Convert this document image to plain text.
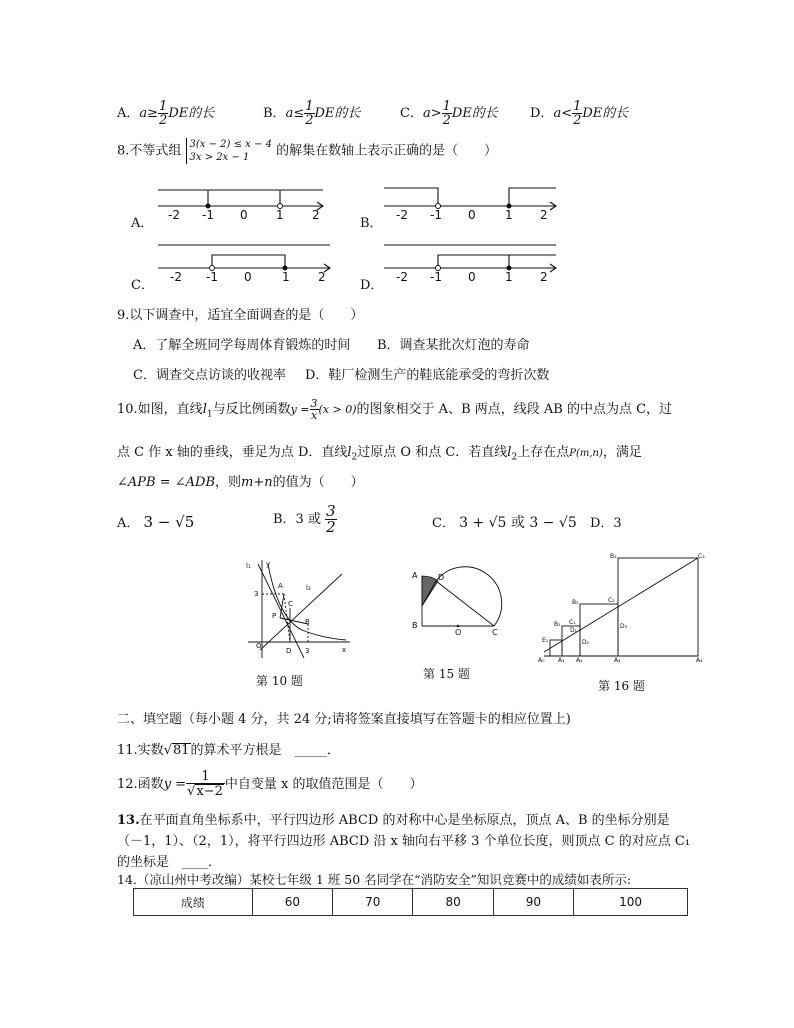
A．$a\ge \frac{1}{2}$ DE的长	B．$a\le \frac{1}{2}$ DE的长	C．$a> \frac{1}{2}$ DE的长 D．$a< \frac{1}{2}$ DE的长
8.不等式组 3(x − 2) ≤ x − 4
3x > 2x − 1	的解集在数轴上表示正确的是（　　）
A．	B．
C．	D．
-2 -1 0 1 2	-2 -1 0 1 2
-2 -1 0	1 2	-2 -1 0 1 2
9.以下调查中，适宜全面调查的是（　　）
A．了解全班同学每周体育锻炼的时间 B．调查某批次灯泡的寿命
C．调查交点访谈的收视率 D．鞋厂检测生产的鞋底能承受的弯折次数
10.如图，直线$l_1$与反比例函数$y = \frac{3}{x} (x > 0)$的图象相交于 A、B 两点，线段 AB 的中点为点 C，过
点 C 作 x 轴的垂线，垂足为点 D．直线$l_2$过原点 O 和点 C．若直线$l_2$上存在点P(m,n)，满足
∠APB = ∠ADB，则m+n的值为（　　）
A． 3 − √5	B．3 或 $\frac{3}{2}$	C． 3 + √5 或 3 − √5 D．3
l₁ y
l₂
A
3
C
P
B
O
D 3	x
第 10 题
A	D
B
O	C
第 15 题
B₃	C₃
B₂	C₂
B₁ C₁
D₂
D₁
D₃
A₀ A₁ A₂	A₃	A₄
E₁
第 16 题
二、填空题（每小题 4 分，共 24 分;请将签案直接填写在答题卡的相应位置上)
11.实数√81的算术平方根是　_____．
12.函数$y = \frac{1}{√x-2}$ 中自变量 x 的取值范围是（　　）
13.在平面直角坐标系中，平行四边形 ABCD 的对称中心是坐标原点，顶点 A、B 的坐标分别是
（－1，1）、（2，1），将平行四边形 ABCD 沿 x 轴向右平移 3 个单位长度，则顶点 C 的对应点 C₁
的坐标是　____．
14.（凉山州中考改编）某校七年级 1 班 50 名同学在“消防安全”知识竞赛中的成绩如表所示:
成绩	60	70	80	90	100
